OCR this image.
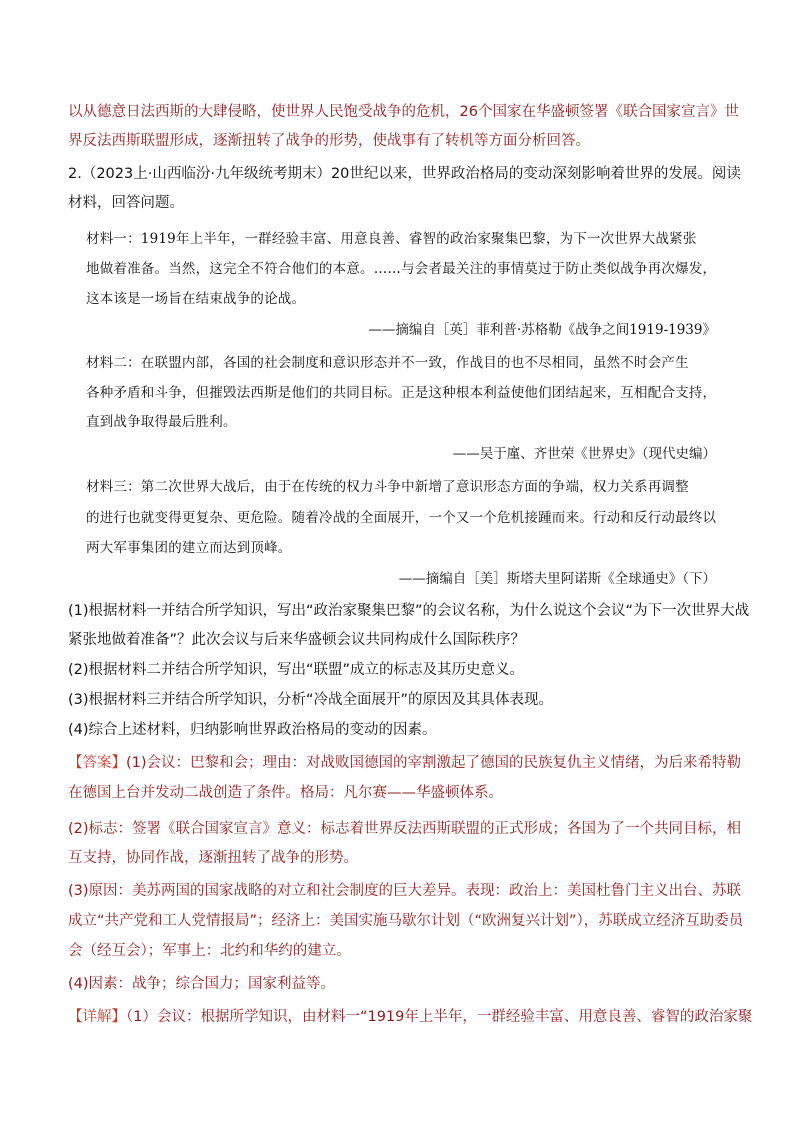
以从德意日法西斯的大肆侵略，使世界人民饱受战争的危机，26个国家在华盛顿签署《联合国家宣言》世
界反法西斯联盟形成，逐渐扭转了战争的形势，使战事有了转机等方面分析回答。
2.（2023上·山西临汾·九年级统考期末）20世纪以来，世界政治格局的变动深刻影响着世界的发展。阅读
材料，回答问题。
材料一：1919年上半年，一群经验丰富、用意良善、睿智的政治家聚集巴黎，为下一次世界大战紧张
地做着准备。当然，这完全不符合他们的本意。……与会者最关注的事情莫过于防止类似战争再次爆发，
这本该是一场旨在结束战争的论战。
——摘编自［英］菲利普·苏格勒《战争之间1919-1939》
材料二：在联盟内部，各国的社会制度和意识形态并不一致，作战目的也不尽相同，虽然不时会产生
各种矛盾和斗争，但摧毁法西斯是他们的共同目标。正是这种根本利益使他们团结起来，互相配合支持，
直到战争取得最后胜利。
——吴于廑、齐世荣《世界史》（现代史编）
材料三：第二次世界大战后，由于在传统的权力斗争中新增了意识形态方面的争端，权力关系再调整
的进行也就变得更复杂、更危险。随着冷战的全面展开，一个又一个危机接踵而来。行动和反行动最终以
两大军事集团的建立而达到顶峰。
——摘编自［美］斯塔夫里阿诺斯《全球通史》（下）
(1)根据材料一并结合所学知识，写出“政治家聚集巴黎”的会议名称，为什么说这个会议“为下一次世界大战
紧张地做着准备”？此次会议与后来华盛顿会议共同构成什么国际秩序？
(2)根据材料二并结合所学知识，写出“联盟”成立的标志及其历史意义。
(3)根据材料三并结合所学知识，分析“冷战全面展开”的原因及其具体表现。
(4)综合上述材料，归纳影响世界政治格局的变动的因素。
【答案】(1)会议：巴黎和会；理由：对战败国德国的宰割激起了德国的民族复仇主义情绪，为后来希特勒
在德国上台并发动二战创造了条件。格局：凡尔赛——华盛顿体系。
(2)标志：签署《联合国家宣言》意义：标志着世界反法西斯联盟的正式形成；各国为了一个共同目标，相
互支持，协同作战，逐渐扭转了战争的形势。
(3)原因：美苏两国的国家战略的对立和社会制度的巨大差异。表现：政治上：美国杜鲁门主义出台、苏联
成立“共产党和工人党情报局”；经济上：美国实施马歇尔计划（“欧洲复兴计划”），苏联成立经济互助委员
会（经互会）；军事上：北约和华约的建立。
(4)因素：战争；综合国力；国家利益等。
【详解】（1）会议：根据所学知识，由材料一“1919年上半年，一群经验丰富、用意良善、睿智的政治家聚
